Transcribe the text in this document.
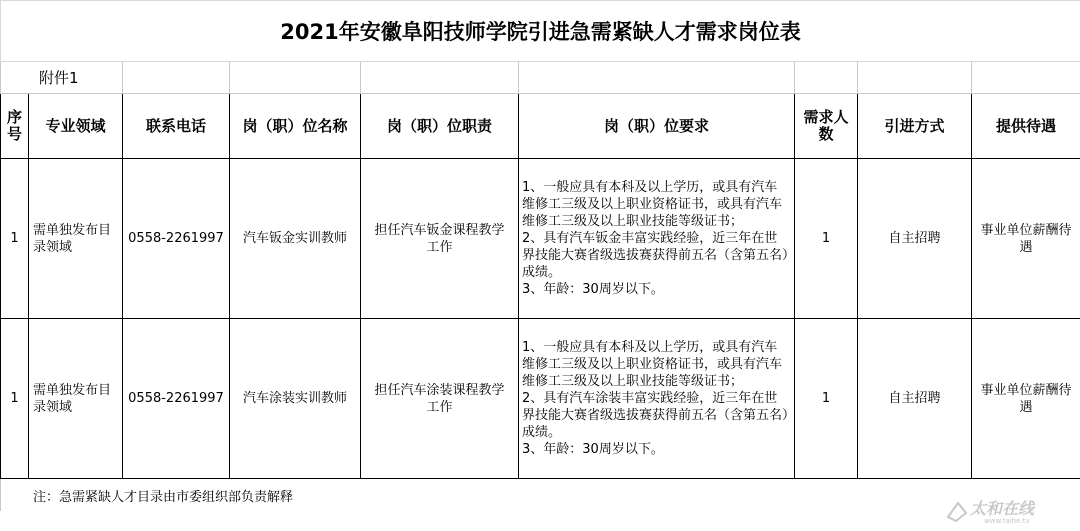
2021年安徽阜阳技师学院引进急需紧缺人才需求岗位表								
附件1								
序号	专业领域	联系电话	岗（职）位名称	岗（职）位职责	岗（职）位要求	需求人数	引进方式	提供待遇
1	需单独发布目录领域	0558-2261997	汽车钣金实训教师	担任汽车钣金课程教学工作	1、一般应具有本科及以上学历，或具有汽车维修工三级及以上职业资格证书，或具有汽车维修工三级及以上职业技能等级证书；
2、具有汽车钣金丰富实践经验，近三年在世界技能大赛省级选拔赛获得前五名（含第五名）成绩。
3、年龄：30周岁以下。	1	自主招聘	事业单位薪酬待遇
1	需单独发布目录领域	0558-2261997	汽车涂装实训教师	担任汽车涂装课程教学工作	1、一般应具有本科及以上学历，或具有汽车维修工三级及以上职业资格证书，或具有汽车维修工三级及以上职业技能等级证书；
2、具有汽车涂装丰富实践经验，近三年在世界技能大赛省级选拔赛获得前五名（含第五名）成绩。
3、年龄：30周岁以下。	1	自主招聘	事业单位薪酬待遇
注：急需紧缺人才目录由市委组织部负责解释								
太和在线
www.taihe.tv
